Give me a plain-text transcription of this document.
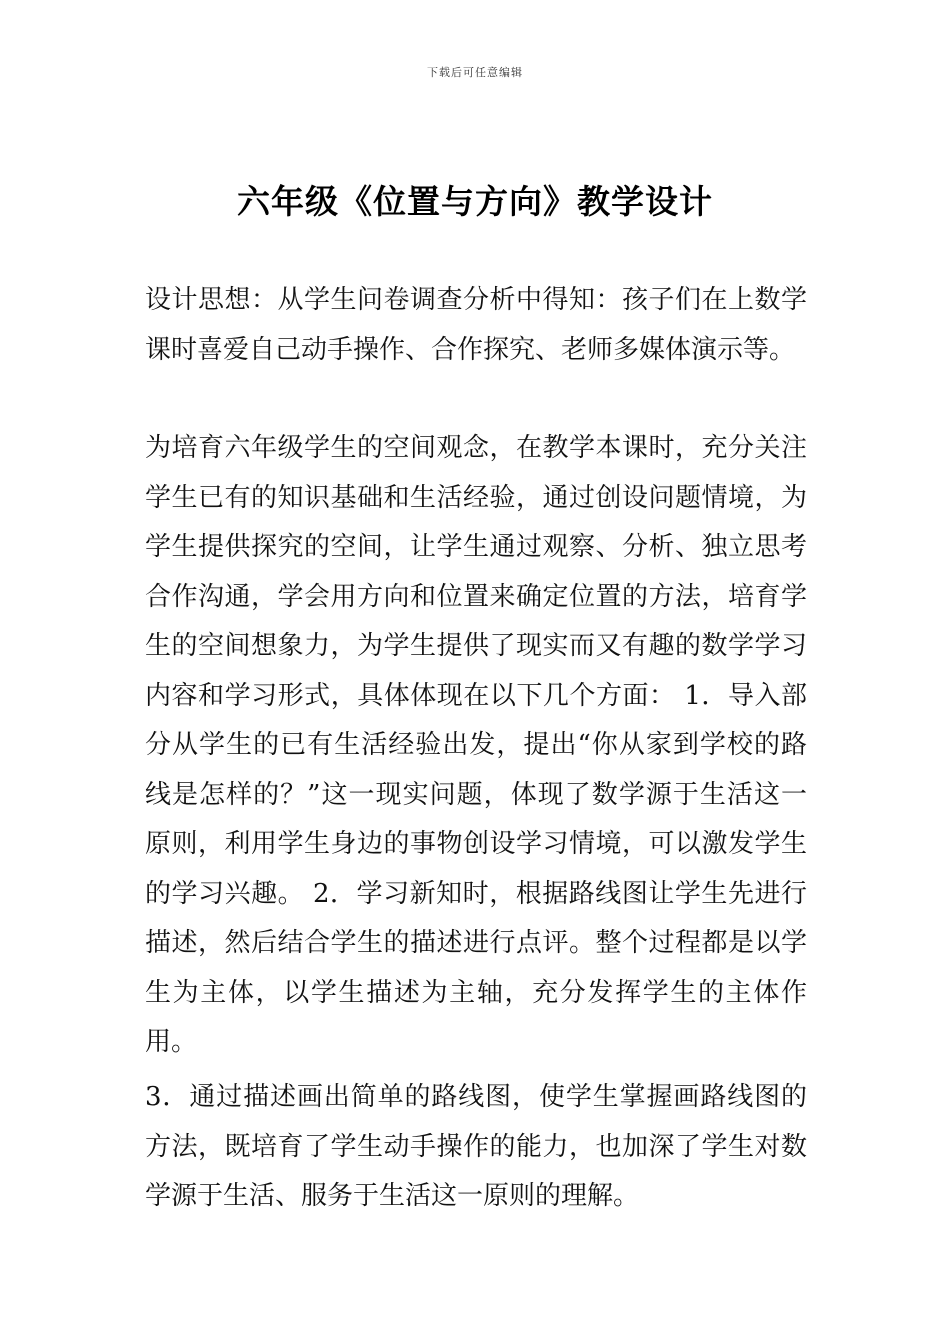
下载后可任意编辑
六年级《位置与方向》教学设计
设计思想：从学生问卷调查分析中得知：孩子们在上数学课时喜爱自己动手操作、合作探究、老师多媒体演示等。
为培育六年级学生的空间观念，在教学本课时，充分关注学生已有的知识基础和生活经验，通过创设问题情境，为学生提供探究的空间，让学生通过观察、分析、独立思考合作沟通，学会用方向和位置来确定位置的方法，培育学生的空间想象力，为学生提供了现实而又有趣的数学学习内容和学习形式，具体体现在以下几个方面： 1．导入部分从学生的已有生活经验出发，提出“你从家到学校的路线是怎样的？”这一现实问题，体现了数学源于生活这一原则，利用学生身边的事物创设学习情境，可以激发学生的学习兴趣。 2．学习新知时，根据路线图让学生先进行描述，然后结合学生的描述进行点评。整个过程都是以学生为主体，以学生描述为主轴，充分发挥学生的主体作用。
3．通过描述画出简单的路线图，使学生掌握画路线图的方法，既培育了学生动手操作的能力，也加深了学生对数学源于生活、服务于生活这一原则的理解。
